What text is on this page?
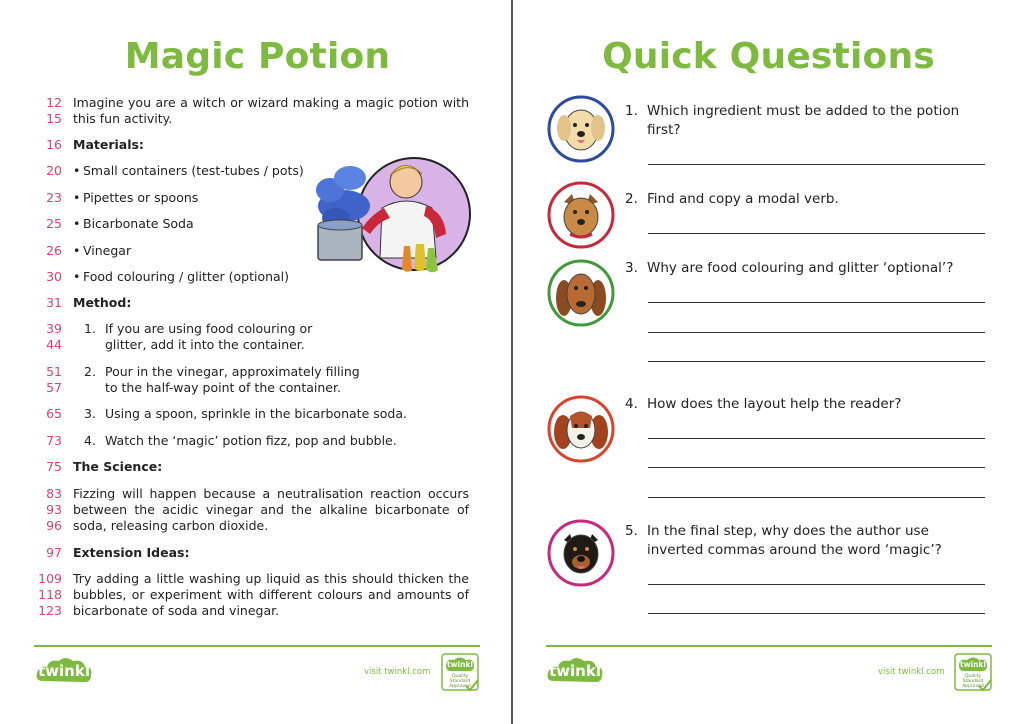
Magic Potion
12
15
Imagine you are a witch or wizard making a magic potion with this fun activity.
16 Materials:
20	• Small containers (test-tubes / pots)
23	• Pipettes or spoons
25	• Bicarbonate Soda
26	• Vinegar
30	• Food colouring / glitter (optional)
31 Method:
39
44
1. If you are using food colouring or glitter, add it into the container.
51
57
2. Pour in the vinegar, approximately filling to the half-way point of the container.
65 3. Using a spoon, sprinkle in the bicarbonate soda.
73 4. Watch the ‘magic’ potion fizz, pop and bubble.
75 The Science:
83
93
96
Fizzing will happen because a neutralisation reaction occurs between the acidic vinegar and the alkaline bicarbonate of soda, releasing carbon dioxide.
97 Extension Ideas:
109
118
123
Try adding a little washing up liquid as this should thicken the bubbles, or experiment with different colours and amounts of bicarbonate of soda and vinegar.
twinkl	visit twinkl.com
twinkl
Quality Standard Approved
Quick Questions
1. Which ingredient must be added to the potion first?
2. Find and copy a modal verb.
3. Why are food colouring and glitter ‘optional’?
4. How does the layout help the reader?
5. In the final step, why does the author use inverted commas around the word ‘magic’?
twinkl	visit twinkl.com
twinkl
Quality Standard Approved
